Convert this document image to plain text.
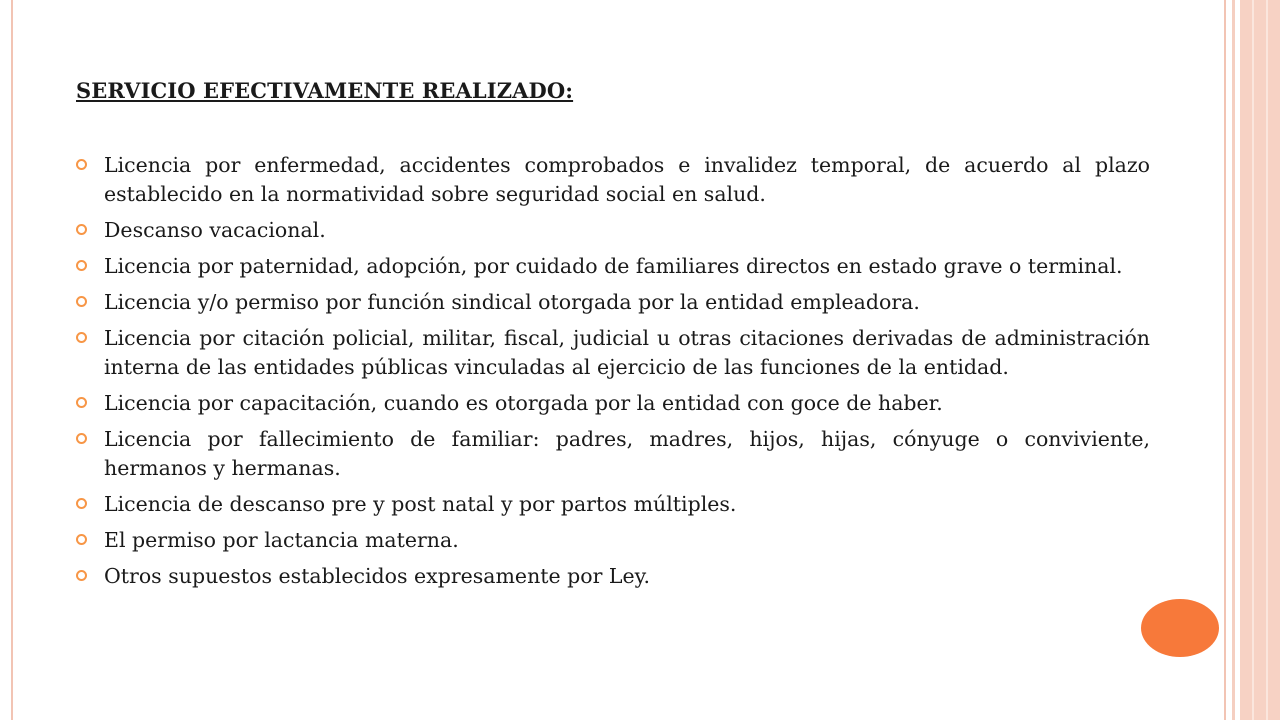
SERVICIO EFECTIVAMENTE REALIZADO:
Licencia por enfermedad, accidentes comprobados e invalidez temporal, de acuerdo al plazo establecido en la normatividad sobre seguridad social en salud.
Descanso vacacional.
Licencia por paternidad, adopción, por cuidado de familiares directos en estado grave o terminal.
Licencia y/o permiso por función sindical otorgada por la entidad empleadora.
Licencia por citación policial, militar, fiscal, judicial u otras citaciones derivadas de administración interna de las entidades públicas vinculadas al ejercicio de las funciones de la entidad.
Licencia por capacitación, cuando es otorgada por la entidad con goce de haber.
Licencia por fallecimiento de familiar: padres, madres, hijos, hijas, cónyuge o conviviente, hermanos y hermanas.
Licencia de descanso pre y post natal y por partos múltiples.
El permiso por lactancia materna.
Otros supuestos establecidos expresamente por Ley.
